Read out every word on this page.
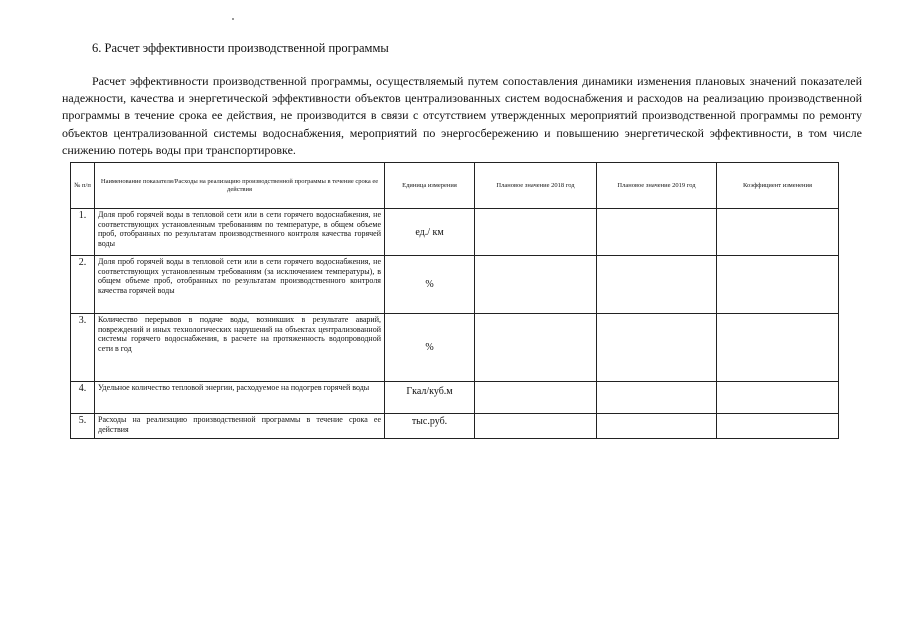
6. Расчет эффективности производственной программы

Расчет эффективности производственной программы, осуществляемый путем сопоставления динамики изменения плановых значений показателей надежности, качества и энергетической эффективности объектов централизованных систем водоснабжения и расходов на реализацию производственной программы в течение срока ее действия, не производится в связи с отсутствием утвержденных мероприятий производственной программы по ремонту объектов централизованной системы водоснабжения, мероприятий по энергосбережению и повышению энергетической эффективности, в том числе снижению потерь воды при транспортировке.

№ п/п	Наименование показателя/Расходы на реализацию производственной программы в течение срока ее действия	Единица измерения	Плановое значение 2018 год	Плановое значение 2019 год	Коэффициент изменения
1.	Доля проб горячей воды в тепловой сети или в сети горячего водоснабжения, не соответствующих установленным требованиям по температуре, в общем объеме проб, отобранных по результатам производственного контроля качества горячей воды	ед./ км			
2.	Доля проб горячей воды в тепловой сети или в сети горячего водоснабжения, не соответствующих установленным требованиям (за исключением температуры), в общем объеме проб, отобранных по результатам производственного контроля качества горячей воды	%			
3.	Количество перерывов в подаче воды, возникших в результате аварий, повреждений и иных технологических нарушений на объектах централизованной системы горячего водоснабжения, в расчете на протяженность водопроводной сети в год	%			
4.	Удельное количество тепловой энергии, расходуемое на подогрев горячей воды	Гкал/куб.м			
5.	Расходы на реализацию производственной программы в течение срока ее действия	тыс.руб.			
